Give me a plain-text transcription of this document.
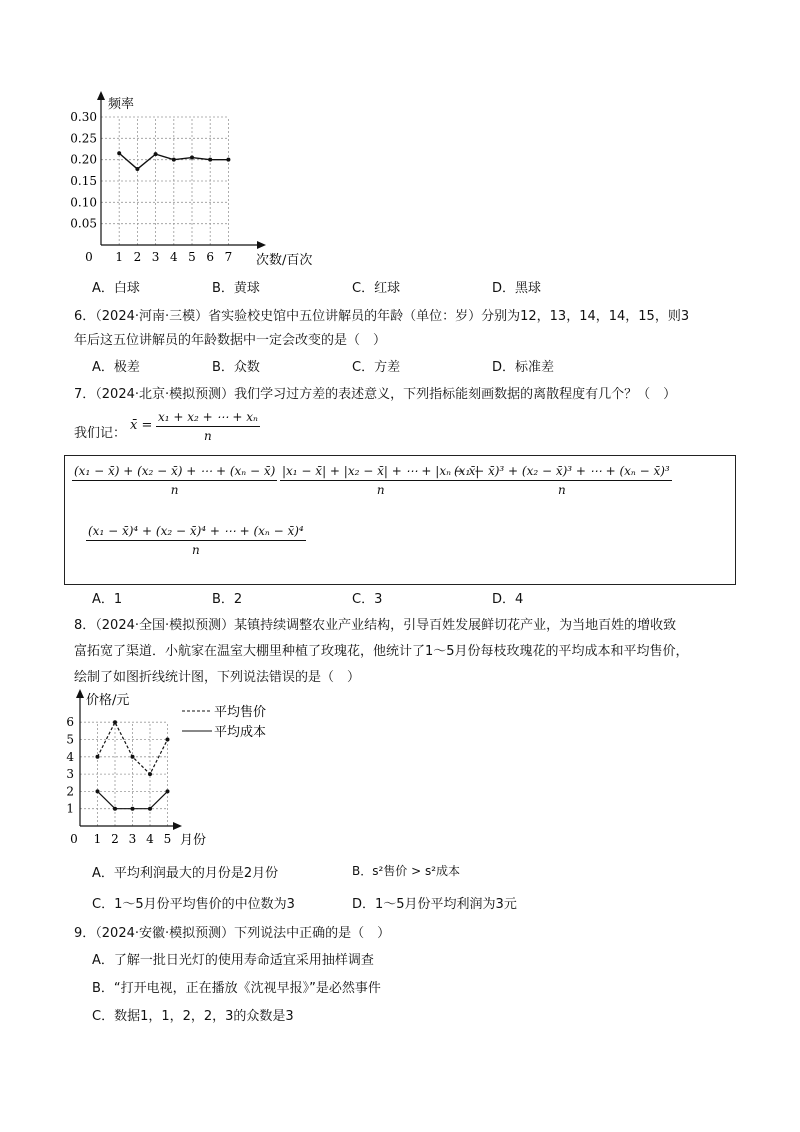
频率
次数/百次
0.30
0.25
0.20
0.15
0.10
0.05
0 1 2 3 4 5 6 7
A．白球	B．黄球	C．红球	D．黑球
6．（2024·河南·三模）省实验校史馆中五位讲解员的年龄（单位：岁）分别为12，13，14，14，15，则3
年后这五位讲解员的年龄数据中一定会改变的是（　）
A．极差	B．众数	C．方差	D．标准差
7．（2024·北京·模拟预测）我们学习过方差的表述意义，下列指标能刻画数据的离散程度有几个？（　）
我们记：
x̄ = $\frac{\text{x₁ + x₂ + ⋯ + xₙ}}{n}$
$\frac{\text{(x₁ − x̄) + (x₂ − x̄) + ⋯ + (xₙ − x̄)}}{n} \frac{\text{|x₁ − x̄| + |x₂ − x̄| + ⋯ + |xₙ − x̄|}}{n}$
$\frac{\text{(x₁ − x̄)³ + (x₂ − x̄)³ + ⋯ + (xₙ − x̄)³}}{n}$
$\frac{\text{(x₁ − x̄)⁴ + (x₂ − x̄)⁴ + ⋯ + (xₙ − x̄)⁴}}{n}$
A．1	B．2	C．3	D．4
8．（2024·全国·模拟预测）某镇持续调整农业产业结构，引导百姓发展鲜切花产业，为当地百姓的增收致
富拓宽了渠道．小航家在温室大棚里种植了玫瑰花，他统计了1～5月份每枝玫瑰花的平均成本和平均售价，
绘制了如图折线统计图，下列说法错误的是（　）
价格/元
月份
6
5
4
3
2
1
0 1 2 3 4 5
平均售价
平均成本
A．平均利润最大的月份是2月份	B．s²售价 > s²成本
C．1～5月份平均售价的中位数为3	D．1～5月份平均利润为3元
9．（2024·安徽·模拟预测）下列说法中正确的是（　）
A．了解一批日光灯的使用寿命适宜采用抽样调查
B．“打开电视，正在播放《沈视早报》”是必然事件
C．数据1，1，2，2，3的众数是3
